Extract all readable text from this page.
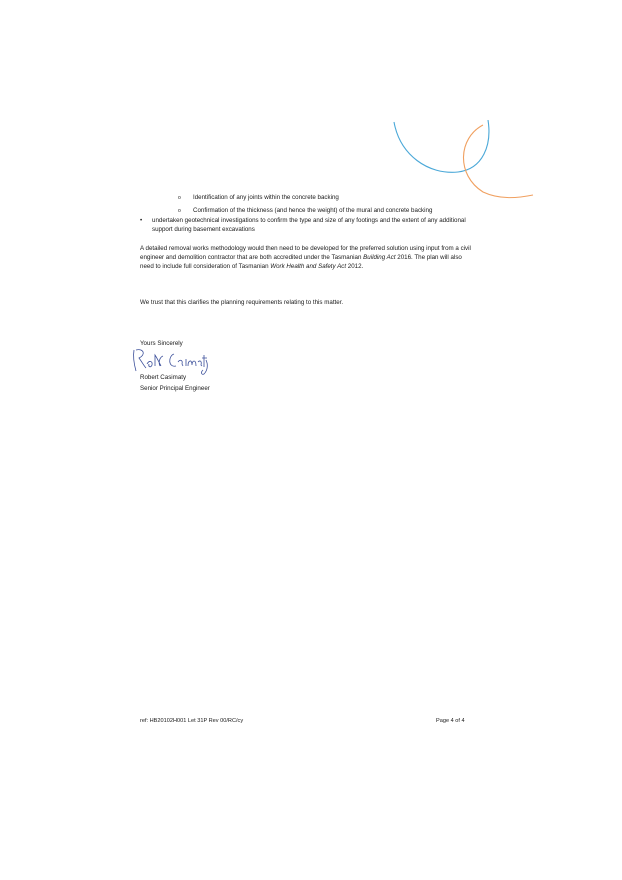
o Identification of any joints within the concrete backing
o Confirmation of the thickness (and hence the weight) of the mural and concrete backing
• undertaken geotechnical investigations to confirm the type and size of any footings and the extent of any additional support during basement excavations
A detailed removal works methodology would then need to be developed for the preferred solution using input from a civil engineer and demolition contractor that are both accredited under the Tasmanian Building Act 2016. The plan will also need to include full consideration of Tasmanian Work Health and Safety Act 2012.
We trust that this clarifies the planning requirements relating to this matter.
Yours Sincerely
Robert Casimaty
Senior Principal Engineer
ref: HB20102H001 Let 31P Rev 00/RC/cy	Page 4 of 4
